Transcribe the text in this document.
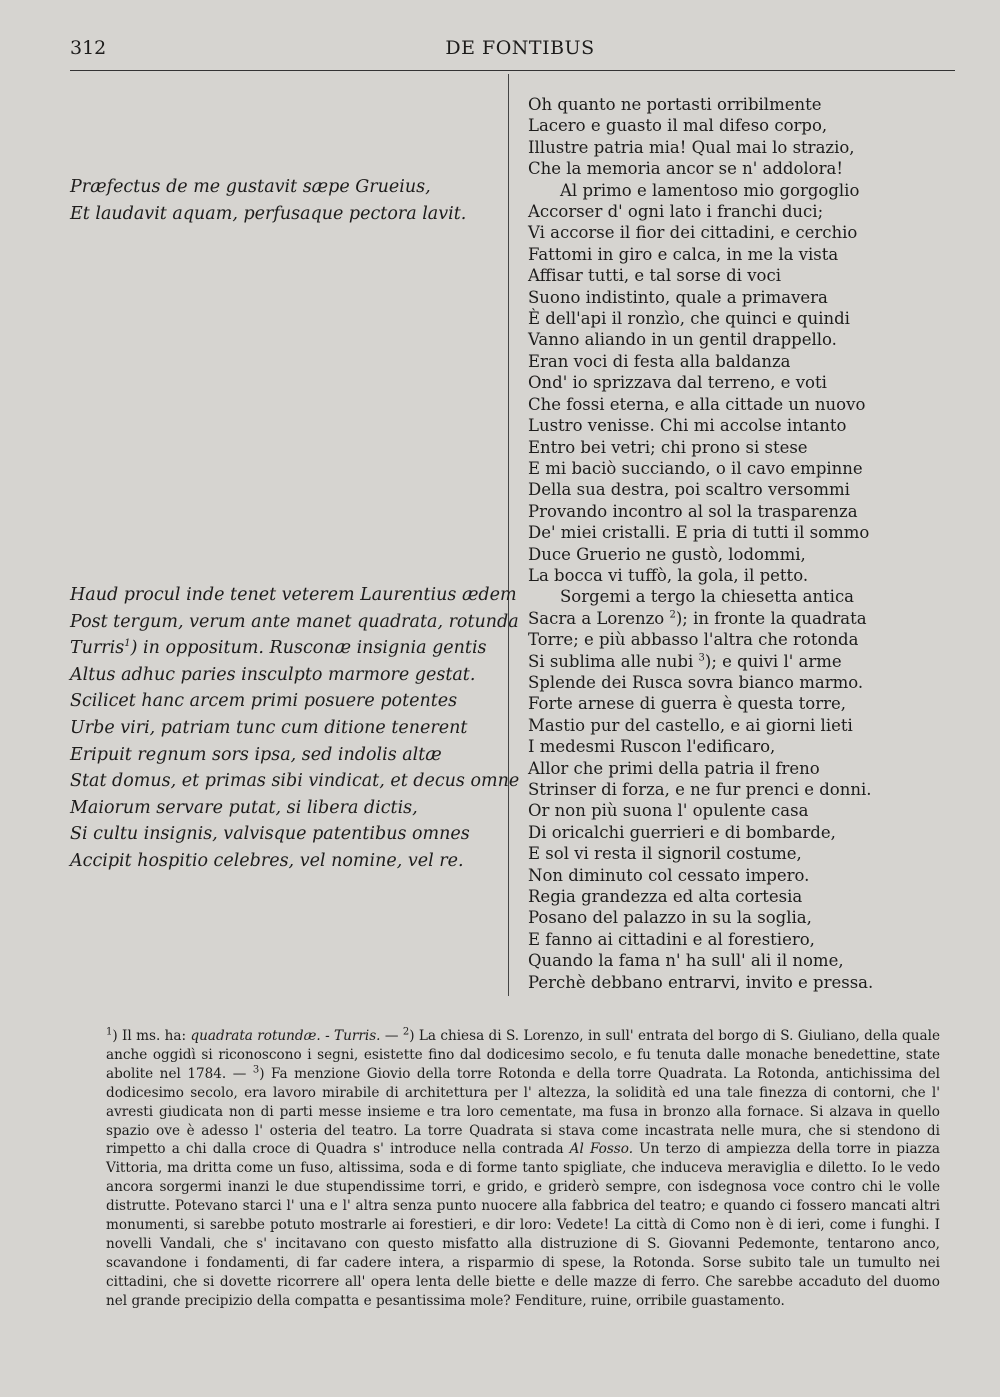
312	DE FONTIBUS
Præfectus de me gustavit sæpe Grueius,
Et laudavit aquam, perfusaque pectora lavit.
Haud procul inde tenet veterem Laurentius ædem
Post tergum, verum ante manet quadrata, rotunda
Turris$^1$) in oppositum. Rusconæ insignia gentis
Altus adhuc paries insculpto marmore gestat.
Scilicet hanc arcem primi posuere potentes
Urbe viri, patriam tunc cum ditione tenerent
Eripuit regnum sors ipsa, sed indolis altæ
Stat domus, et primas sibi vindicat, et decus omne
Maiorum servare putat, si libera dictis,
Si cultu insignis, valvisque patentibus omnes
Accipit hospitio celebres, vel nomine, vel re.
Oh quanto ne portasti orribilmente
Lacero e guasto il mal difeso corpo,
Illustre patria mia! Qual mai lo strazio,
Che la memoria ancor se n' addolora!
Al primo e lamentoso mio gorgoglio
Accorser d' ogni lato i franchi duci;
Vi accorse il fior dei cittadini, e cerchio
Fattomi in giro e calca, in me la vista
Affisar tutti, e tal sorse di voci
Suono indistinto, quale a primavera
È dell'api il ronzìo, che quinci e quindi
Vanno aliando in un gentil drappello.
Eran voci di festa alla baldanza
Ond' io sprizzava dal terreno, e voti
Che fossi eterna, e alla cittade un nuovo
Lustro venisse. Chi mi accolse intanto
Entro bei vetri; chi prono si stese
E mi baciò succiando, o il cavo empinne
Della sua destra, poi scaltro versommi
Provando incontro al sol la trasparenza
De' miei cristalli. E pria di tutti il sommo
Duce Gruerio ne gustò, lodommi,
La bocca vi tuffò, la gola, il petto.
Sorgemi a tergo la chiesetta antica
Sacra a Lorenzo $^2$); in fronte la quadrata
Torre; e più abbasso l'altra che rotonda
Si sublima alle nubi $^3$); e quivi l' arme
Splende dei Rusca sovra bianco marmo.
Forte arnese di guerra è questa torre,
Mastio pur del castello, e ai giorni lieti
I medesmi Ruscon l'edificaro,
Allor che primi della patria il freno
Strinser di forza, e ne fur prenci e donni.
Or non più suona l' opulente casa
Di oricalchi guerrieri e di bombarde,
E sol vi resta il signoril costume,
Non diminuto col cessato impero.
Regia grandezza ed alta cortesia
Posano del palazzo in su la soglia,
E fanno ai cittadini e al forestiero,
Quando la fama n' ha sull' ali il nome,
Perchè debbano entrarvi, invito e pressa.
$^1$) Il ms. ha: quadrata rotundæ. - Turris. — $^2$) La chiesa di S. Lorenzo, in sull' entrata del borgo di S. Giuliano, della quale anche oggidì si riconoscono i segni, esistette fino dal dodicesimo secolo, e fu tenuta dalle monache benedettine, state abolite nel 1784. — $^3$) Fa menzione Giovio della torre Rotonda e della torre Quadrata. La Rotonda, antichissima del dodicesimo secolo, era lavoro mirabile di architettura per l' altezza, la solidità ed una tale finezza di contorni, che l' avresti giudicata non di parti messe insieme e tra loro cementate, ma fusa in bronzo alla fornace. Si alzava in quello spazio ove è adesso l' osteria del teatro. La torre Quadrata si stava come incastrata nelle mura, che si stendono di rimpetto a chi dalla croce di Quadra s' introduce nella contrada Al Fosso. Un terzo di ampiezza della torre in piazza Vittoria, ma dritta come un fuso, altissima, soda e di forme tanto spigliate, che induceva meraviglia e diletto. Io le vedo ancora sorgermi inanzi le due stupendissime torri, e grido, e griderò sempre, con isdegnosa voce contro chi le volle distrutte. Potevano starci l' una e l' altra senza punto nuocere alla fabbrica del teatro; e quando ci fossero mancati altri monumenti, si sarebbe potuto mostrarle ai forestieri, e dir loro: Vedete! La città di Como non è di ieri, come i funghi. I novelli Vandali, che s' incitavano con questo misfatto alla distruzione di S. Giovanni Pedemonte, tentarono anco, scavandone i fondamenti, di far cadere intera, a risparmio di spese, la Rotonda. Sorse subito tale un tumulto nei cittadini, che si dovette ricorrere all' opera lenta delle biette e delle mazze di ferro. Che sarebbe accaduto del duomo nel grande precipizio della compatta e pesantissima mole? Fenditure, ruine, orribile guastamento.
